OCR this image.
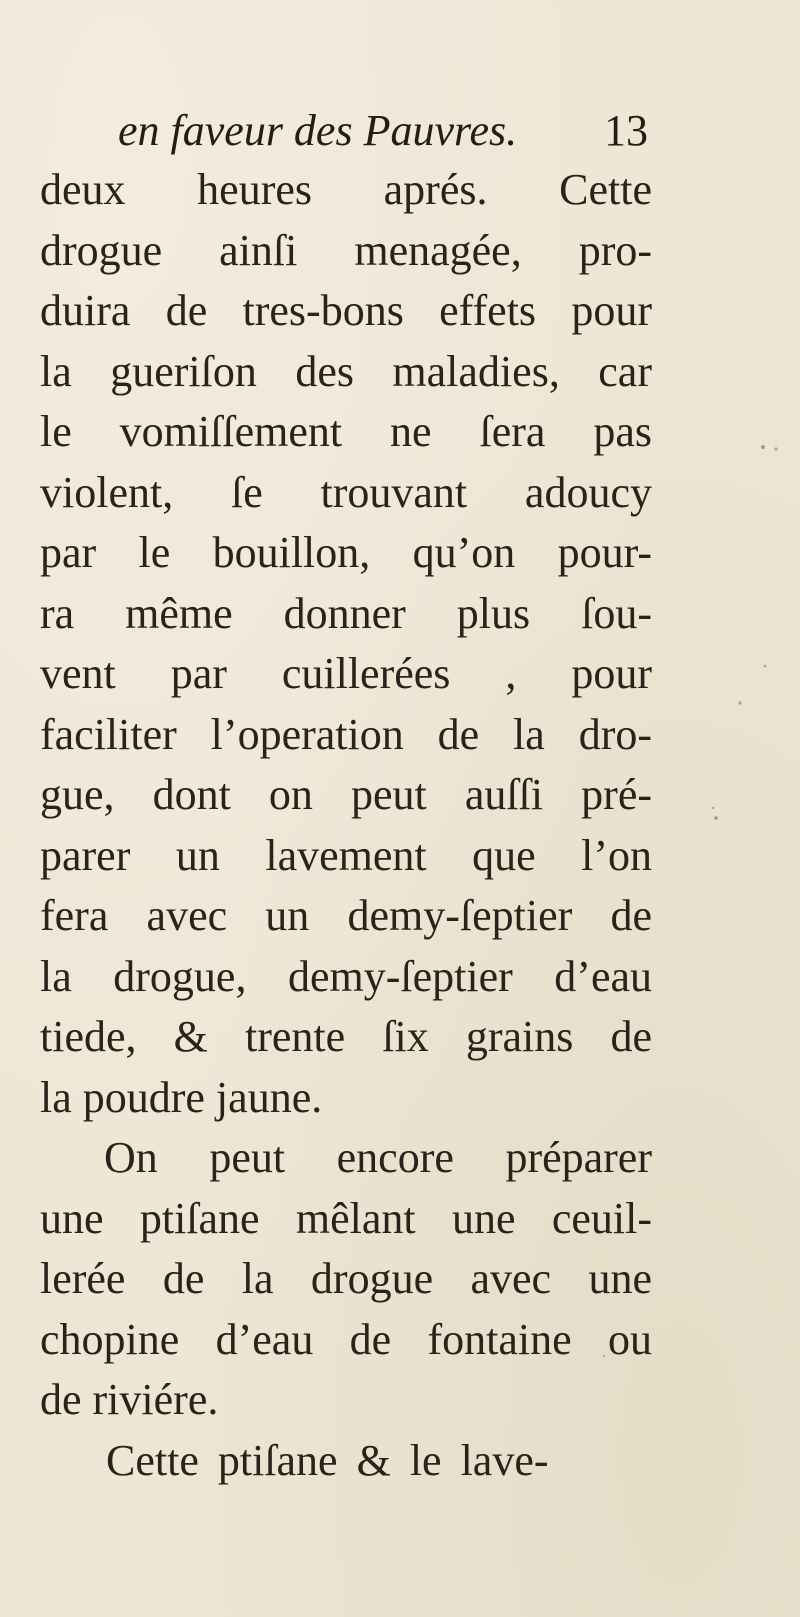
en faveur des Pauvres. 13
deux heures aprés. Cette
drogue ainſi menagée, pro-
duira de tres-bons effets pour
la gueriſon des maladies, car
le vomiſſement ne ſera pas
violent, ſe trouvant adoucy
par le bouillon, qu’on pour-
ra même donner plus ſou-
vent par cuillerées , pour
faciliter l’operation de la dro-
gue, dont on peut auſſi pré-
parer un lavement que l’on
fera avec un demy-ſeptier de
la drogue, demy-ſeptier d’eau
tiede, & trente ſix grains de
la poudre jaune.
On peut encore préparer
une ptiſane mêlant une ceuil-
lerée de la drogue avec une
chopine d’eau de fontaine ou
de riviére.
Cette ptiſane & le lave-
